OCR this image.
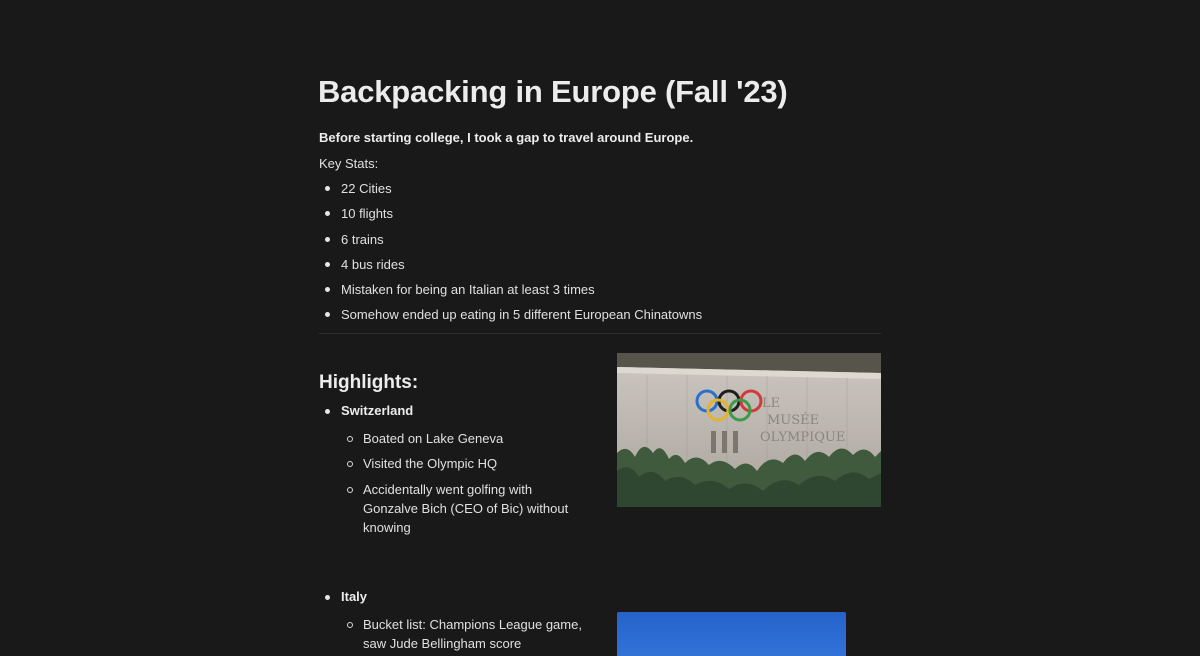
Backpacking in Europe (Fall '23)

Before starting college, I took a gap to travel around Europe.

Key Stats:

22 Cities
10 flights
6 trains
4 bus rides
Mistaken for being an Italian at least 3 times
Somehow ended up eating in 5 different European Chinatowns
Highlights:
Switzerland
Boated on Lake Geneva
Visited the Olympic HQ
Accidentally went golfing with Gonzalve Bich (CEO of Bic) without knowing
Italy
Bucket list: Champions League game, saw Jude Bellingham score
LE
MUSÉE
OLYMPIQUE
